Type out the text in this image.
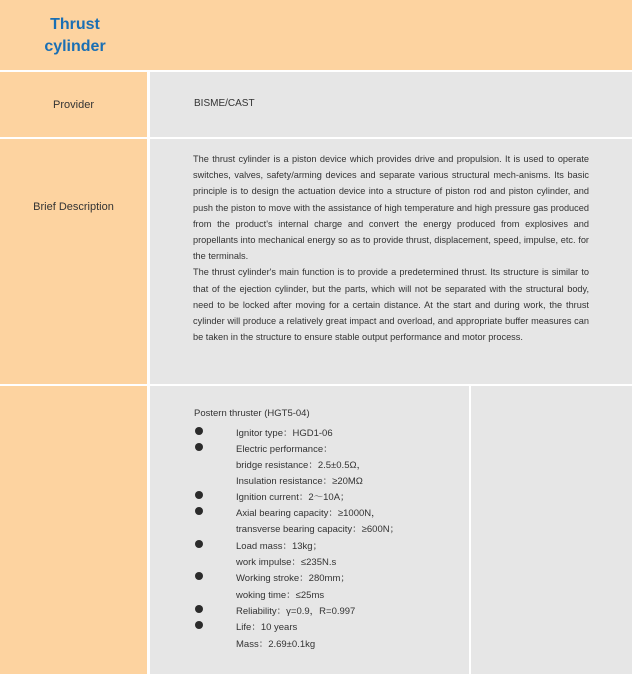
Thrust
cylinder
Provider	BISME/CAST
Brief Description

The thrust cylinder is a piston device which provides drive and propulsion. It is used to operate switches, valves, safety/arming devices and separate various structural mech-anisms. Its basic principle is to design the actuation device into a structure of piston rod and piston cylinder, and push the piston to move with the assistance of high temperature and high pressure gas produced from the product's internal charge and convert the energy produced from explosives and propellants into mechanical energy so as to provide thrust, displacement, speed, impulse, etc. for the terminals.

The thrust cylinder's main function is to provide a predetermined thrust. Its structure is similar to that of the ejection cylinder, but the parts, which will not be separated with the structural body, need to be locked after moving for a certain distance. At the start and during work, the thrust cylinder will produce a relatively great impact and overload, and appropriate buffer measures can be taken in the structure to ensure stable output performance and motor process.

Postern thruster (HGT5-04)
Ignitor type：HGD1-06
Electric performance：
bridge resistance：2.5±0.5Ω，
Insulation resistance：≥20MΩ
Ignition current：2～10A；
Axial bearing capacity：≥1000N，
transverse bearing capacity：≥600N；
Load mass：13kg；
work impulse：≤235N.s
Working stroke：280mm；
woking time：≤25ms
Reliability：γ=0.9，R=0.997
Life：10 years
Mass：2.69±0.1kg
